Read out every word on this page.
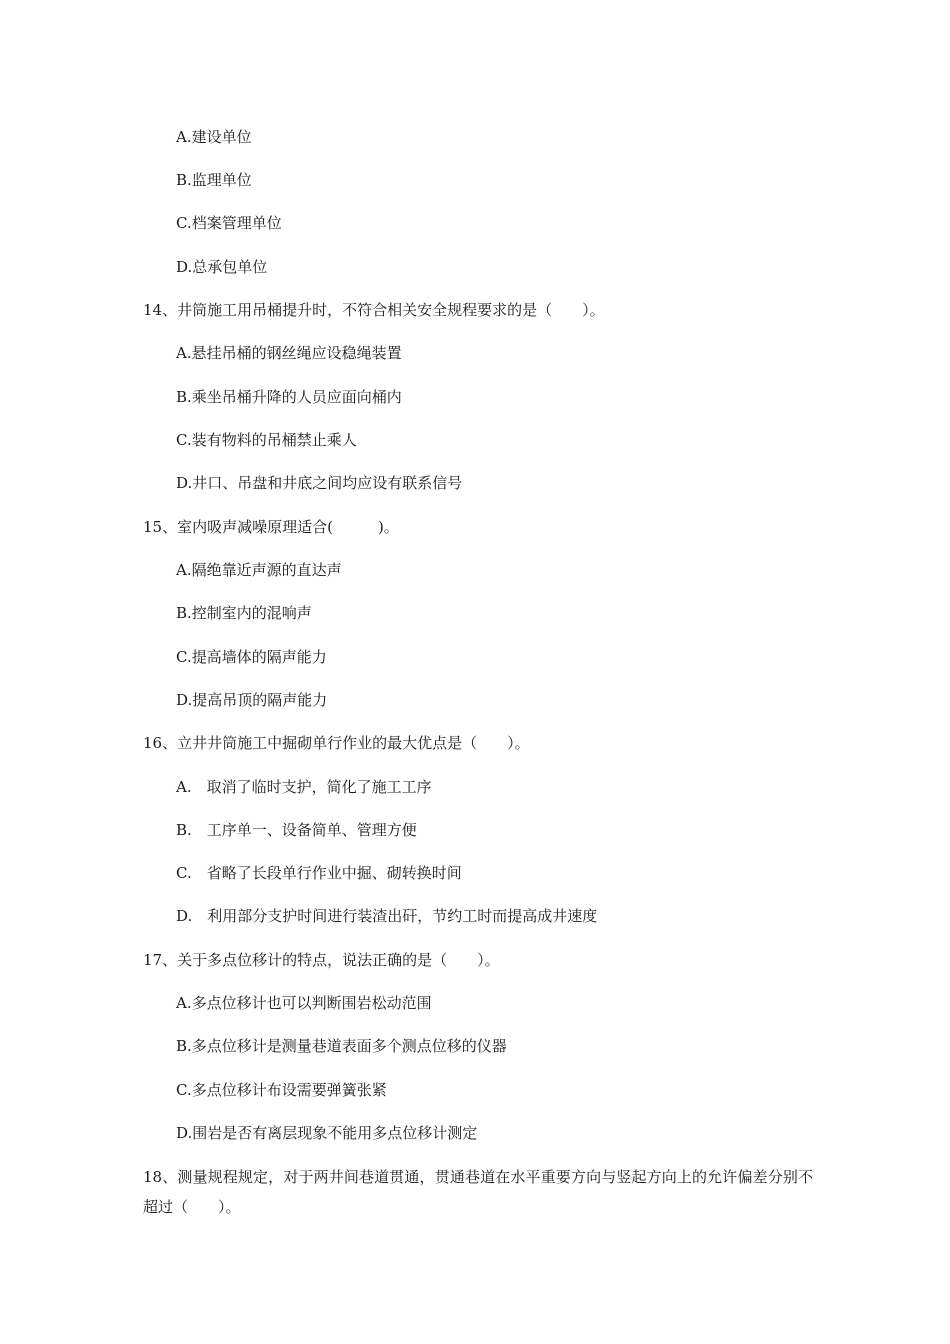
A.建设单位
B.监理单位
C.档案管理单位
D.总承包单位
14、井筒施工用吊桶提升时，不符合相关安全规程要求的是（　　）。
A.悬挂吊桶的钢丝绳应设稳绳装置
B.乘坐吊桶升降的人员应面向桶内
C.装有物料的吊桶禁止乘人
D.井口、吊盘和井底之间均应设有联系信号
15、室内吸声减噪原理适合(　　　)。
A.隔绝靠近声源的直达声
B.控制室内的混响声
C.提高墙体的隔声能力
D.提高吊顶的隔声能力
16、立井井筒施工中掘砌单行作业的最大优点是（　　）。
A.　取消了临时支护，简化了施工工序
B.　工序单一、设备简单、管理方便
C.　省略了长段单行作业中掘、砌转换时间
D.　利用部分支护时间进行装渣出矸，节约工时而提高成井速度
17、关于多点位移计的特点，说法正确的是（　　）。
A.多点位移计也可以判断围岩松动范围
B.多点位移计是测量巷道表面多个测点位移的仪器
C.多点位移计布设需要弹簧张紧
D.围岩是否有离层现象不能用多点位移计测定
18、测量规程规定，对于两井间巷道贯通，贯通巷道在水平重要方向与竖起方向上的允许偏差分别不超过（　　）。
